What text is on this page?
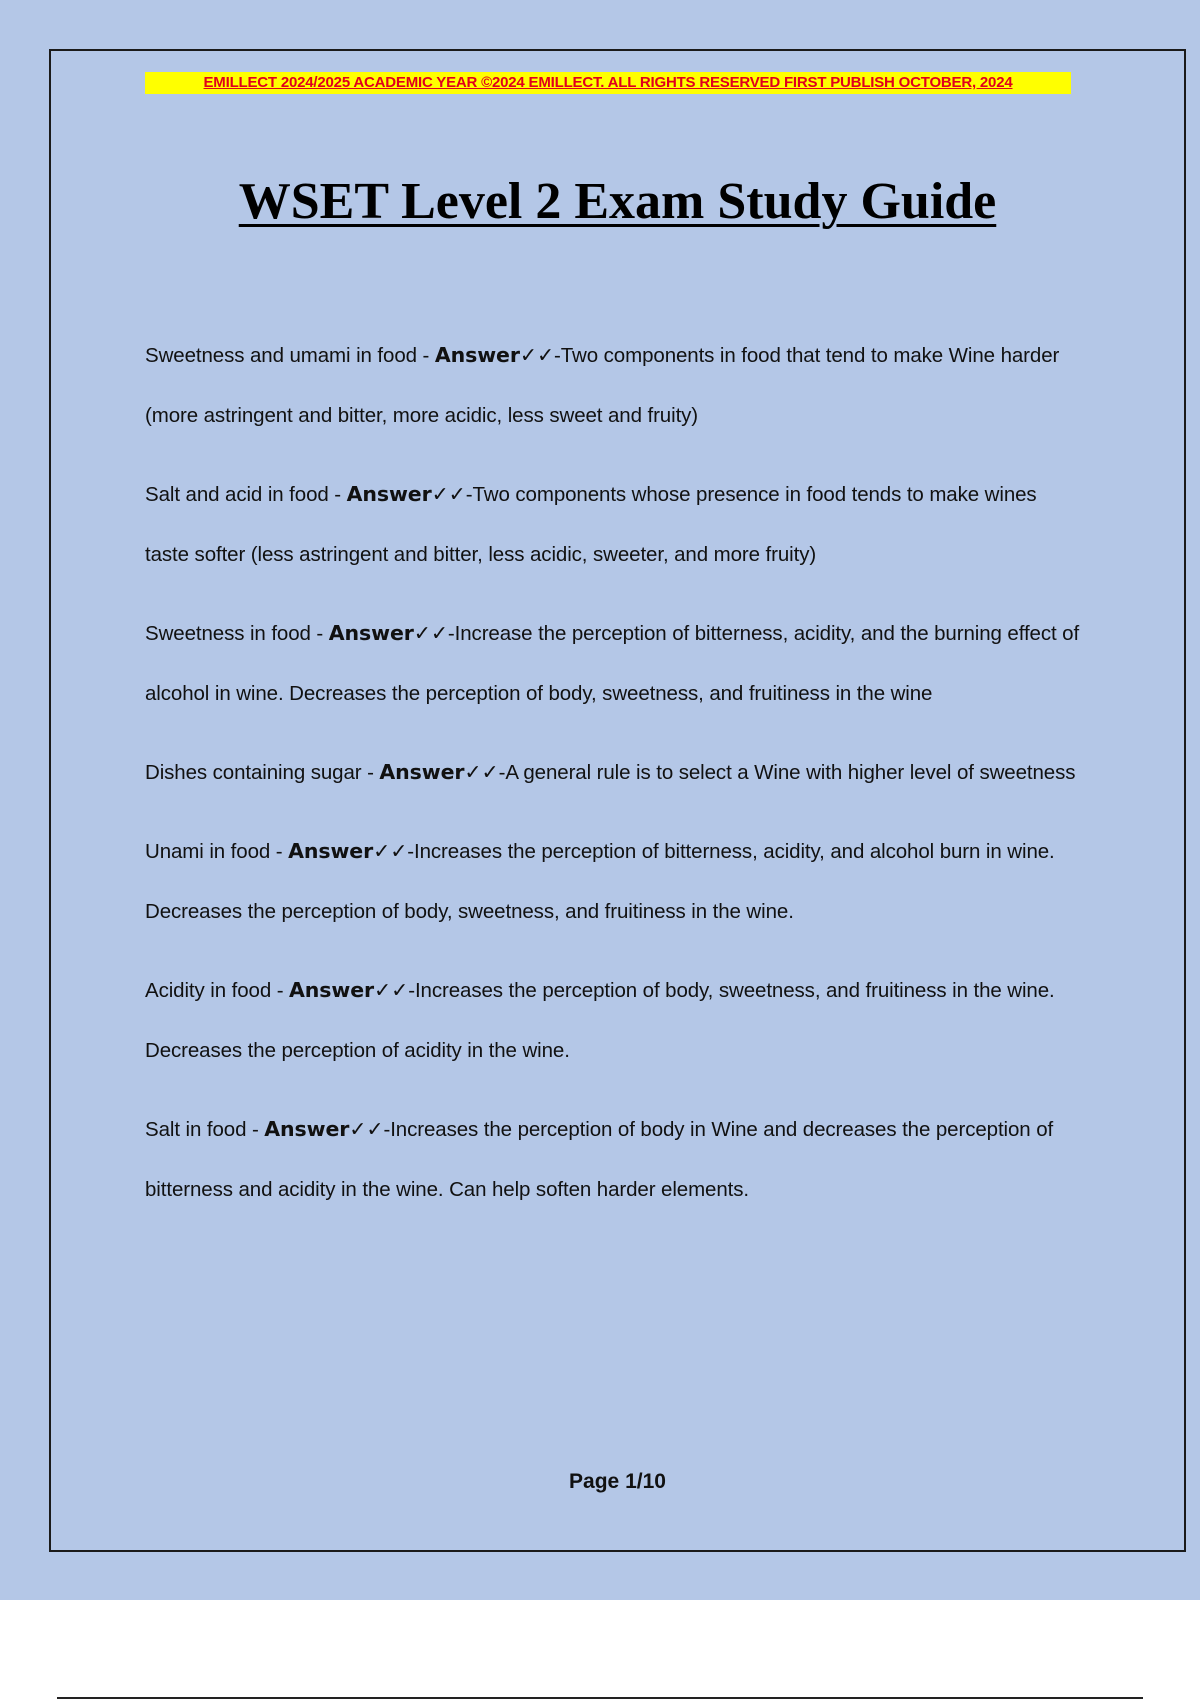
EMILLECT 2024/2025 ACADEMIC YEAR ©2024 EMILLECT. ALL RIGHTS RESERVED FIRST PUBLISH OCTOBER, 2024
WSET Level 2 Exam Study Guide
Sweetness and umami in food - Answer✓✓-Two components in food that tend to make Wine harder (more astringent and bitter, more acidic, less sweet and fruity)
Salt and acid in food - Answer✓✓-Two components whose presence in food tends to make wines taste softer (less astringent and bitter, less acidic, sweeter, and more fruity)
Sweetness in food - Answer✓✓-Increase the perception of bitterness, acidity, and the burning effect of alcohol in wine. Decreases the perception of body, sweetness, and fruitiness in the wine
Dishes containing sugar - Answer✓✓-A general rule is to select a Wine with higher level of sweetness
Unami in food - Answer✓✓-Increases the perception of bitterness, acidity, and alcohol burn in wine. Decreases the perception of body, sweetness, and fruitiness in the wine.
Acidity in food - Answer✓✓-Increases the perception of body, sweetness, and fruitiness in the wine. Decreases the perception of acidity in the wine.
Salt in food - Answer✓✓-Increases the perception of body in Wine and decreases the perception of bitterness and acidity in the wine. Can help soften harder elements.
Page 1/10
